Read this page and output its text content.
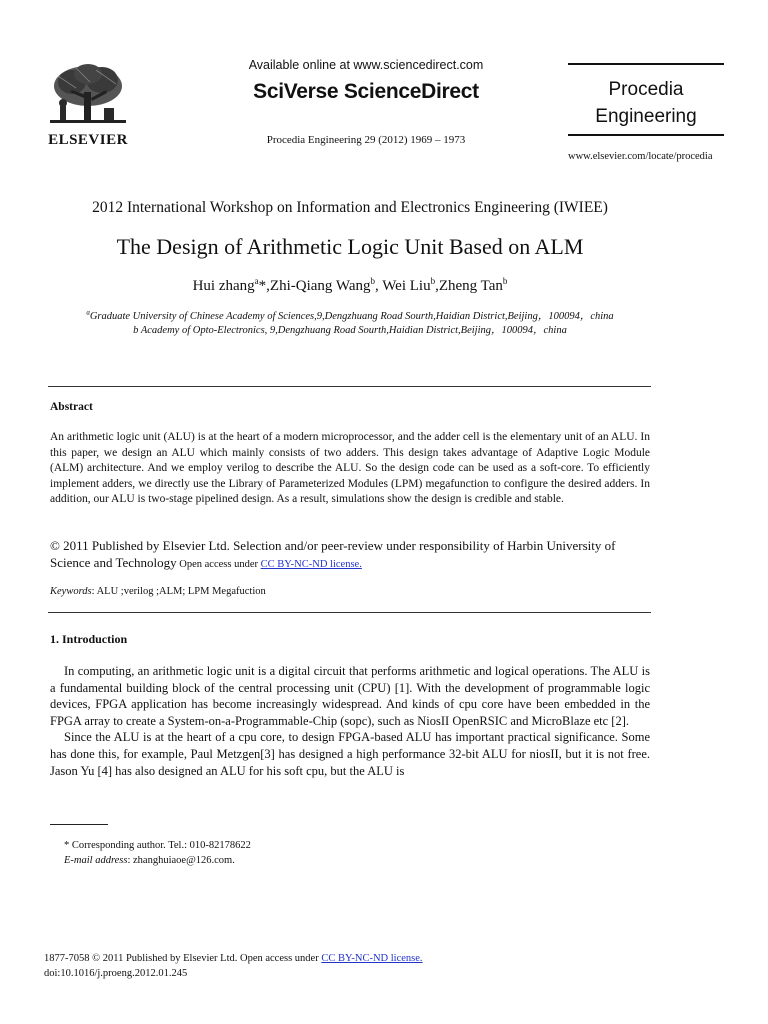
ELSEVIER
Available online at www.sciencedirect.com
SciVerse ScienceDirect
Procedia Engineering 29 (2012) 1969 – 1973
Procedia
Engineering
www.elsevier.com/locate/procedia
2012 International Workshop on Information and Electronics Engineering (IWIEE)
The Design of Arithmetic Logic Unit Based on ALM
Hui zhang$^a$*,Zhi-Qiang Wang$^b$, Wei Liu$^b$,Zheng Tan$^b$
$^a$Graduate University of Chinese Academy of Sciences,9,Dengzhuang Road Sourth,Haidian District,Beijing，100094，china
b Academy of Opto-Electronics, 9,Dengzhuang Road Sourth,Haidian District,Beijing，100094，china
Abstract
An arithmetic logic unit (ALU) is at the heart of a modern microprocessor, and the adder cell is the elementary unit of an ALU. In this paper, we design an ALU which mainly consists of two adders. This design takes advantage of Adaptive Logic Module (ALM) architecture. And we employ verilog to describe the ALU. So the design code can be used as a soft-core. To efficiently implement adders, we directly use the Library of Parameterized Modules (LPM) megafunction to configure the desired adders. In addition, our ALU is two-stage pipelined design. As a result, simulations show the design is credible and stable.
© 2011 Published by Elsevier Ltd. Selection and/or peer-review under responsibility of Harbin University of Science and Technology Open access under CC BY-NC-ND license.
Keywords: ALU ;verilog ;ALM; LPM Megafuction
1. Introduction

In computing, an arithmetic logic unit is a digital circuit that performs arithmetic and logical operations. The ALU is a fundamental building block of the central processing unit (CPU) [1]. With the development of programmable logic devices, FPGA application has become increasingly widespread. And kinds of cpu core have been embedded in the FPGA array to create a System-on-a-Programmable-Chip (sopc), such as NiosII OpenRSIC and MicroBlaze etc [2].

Since the ALU is at the heart of a cpu core, to design FPGA-based ALU has important practical significance. Some has done this, for example, Paul Metzgen[3] has designed a high performance 32-bit ALU for niosII, but it is not free. Jason Yu [4] has also designed an ALU for his soft cpu, but the ALU is

* Corresponding author. Tel.: 010-82178622
E-mail address: zhanghuiaoe@126.com.
1877-7058 © 2011 Published by Elsevier Ltd. Open access under CC BY-NC-ND license.
doi:10.1016/j.proeng.2012.01.245
